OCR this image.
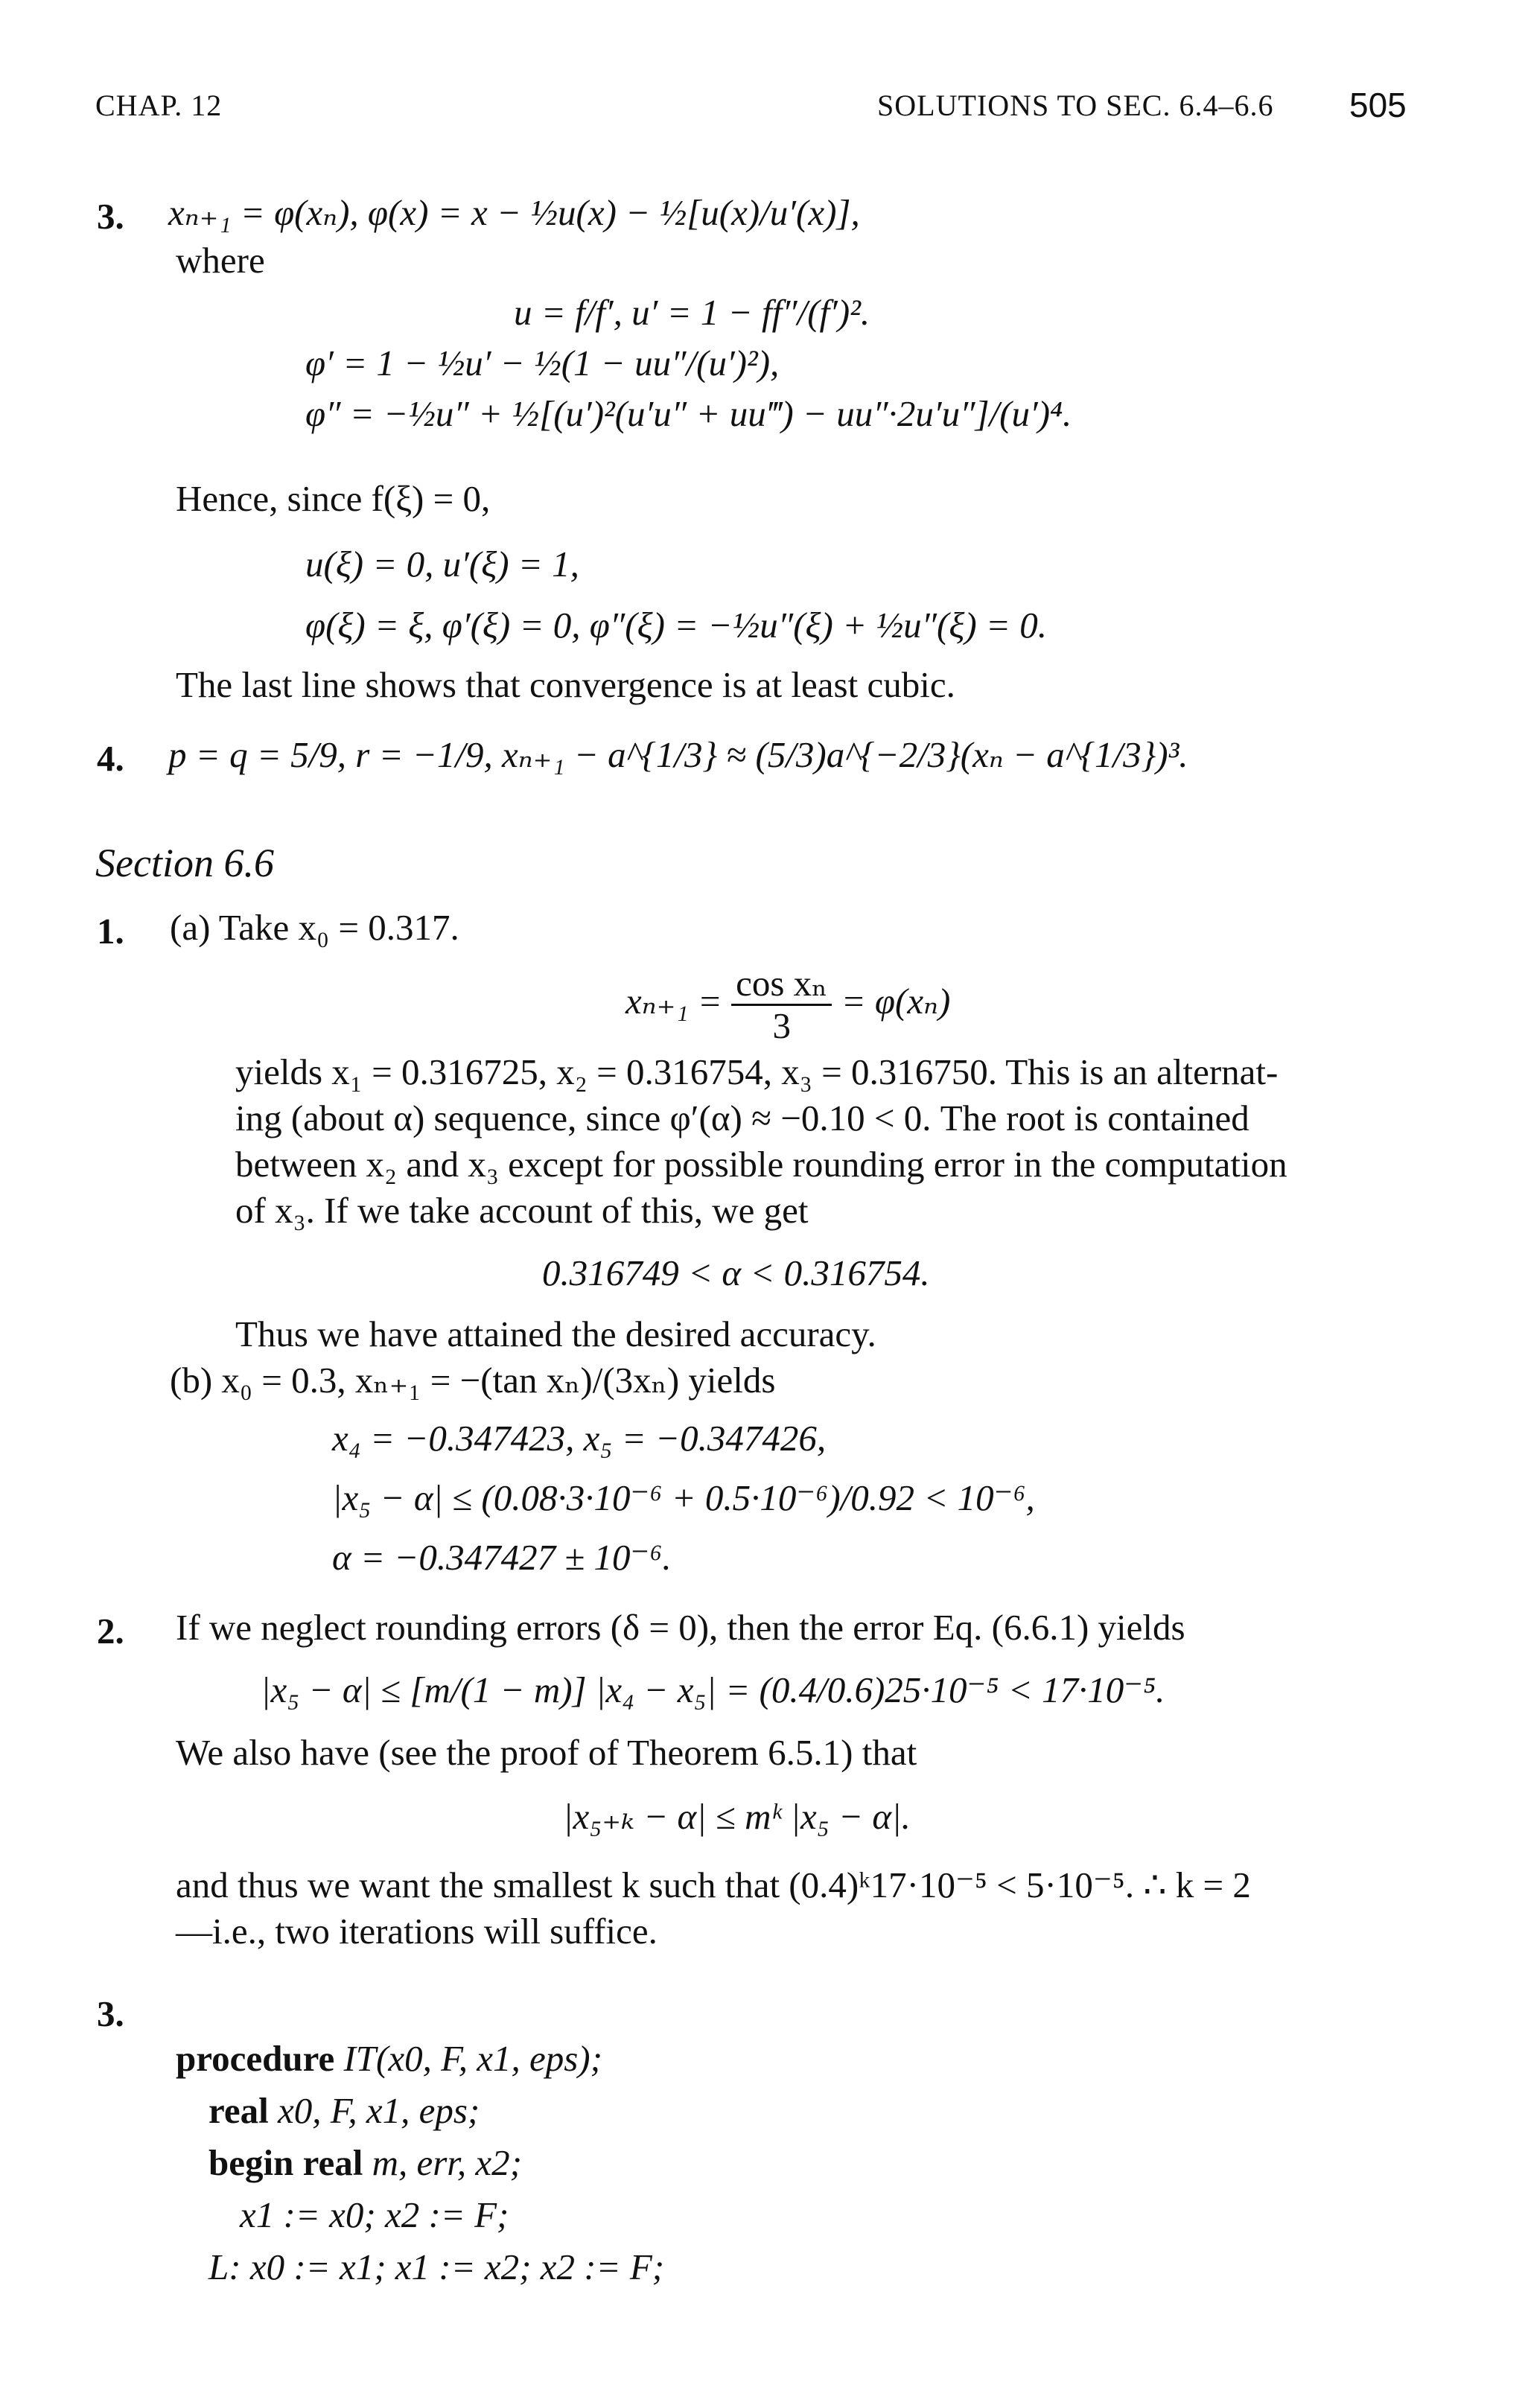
CHAP. 12	SOLUTIONS TO SEC. 6.4–6.6 505
3. xₙ₊₁ = φ(xₙ), φ(x) = x − ½u(x) − ½[u(x)/u′(x)],
where
u = f/f′, u′ = 1 − ff″/(f′)².
φ′ = 1 − ½u′ − ½(1 − uu″/(u′)²),
φ″ = −½u″ + ½[(u′)²(u′u″ + uu‴) − uu″·2u′u″]/(u′)⁴.
Hence, since f(ξ) = 0,
u(ξ) = 0, u′(ξ) = 1,
φ(ξ) = ξ, φ′(ξ) = 0, φ″(ξ) = −½u″(ξ) + ½u″(ξ) = 0.
The last line shows that convergence is at least cubic.
4. p = q = 5/9, r = −1/9, xₙ₊₁ − a^{1/3} ≈ (5/3)a^{−2/3}(xₙ − a^{1/3})³.
Section 6.6
1. (a) Take x₀ = 0.317.
$x_{n+1} = \frac{\text{cos xₙ}}{3} = \varphi(x_n)$
yields x₁ = 0.316725, x₂ = 0.316754, x₃ = 0.316750. This is an alternat-
ing (about α) sequence, since φ′(α) ≈ −0.10 < 0. The root is contained
between x₂ and x₃ except for possible rounding error in the computation
of x₃. If we take account of this, we get
0.316749 < α < 0.316754.
Thus we have attained the desired accuracy.
(b) x₀ = 0.3, xₙ₊₁ = −(tan xₙ)/(3xₙ) yields
x₄ = −0.347423, x₅ = −0.347426,
|x₅ − α| ≤ (0.08·3·10⁻⁶ + 0.5·10⁻⁶)/0.92 < 10⁻⁶,
α = −0.347427 ± 10⁻⁶.
2. If we neglect rounding errors (δ = 0), then the error Eq. (6.6.1) yields
|x₅ − α| ≤ [m/(1 − m)] |x₄ − x₅| = (0.4/0.6)25·10⁻⁵ < 17·10⁻⁵.
We also have (see the proof of Theorem 6.5.1) that
|x₅₊ₖ − α| ≤ mᵏ |x₅ − α|.
and thus we want the smallest k such that (0.4)ᵏ17·10⁻⁵ < 5·10⁻⁵. ∴ k = 2
—i.e., two iterations will suffice.
3.
procedure IT(x0, F, x1, eps);
real x0, F, x1, eps;
begin real m, err, x2;
x1 := x0; x2 := F;
L: x0 := x1; x1 := x2; x2 := F;
